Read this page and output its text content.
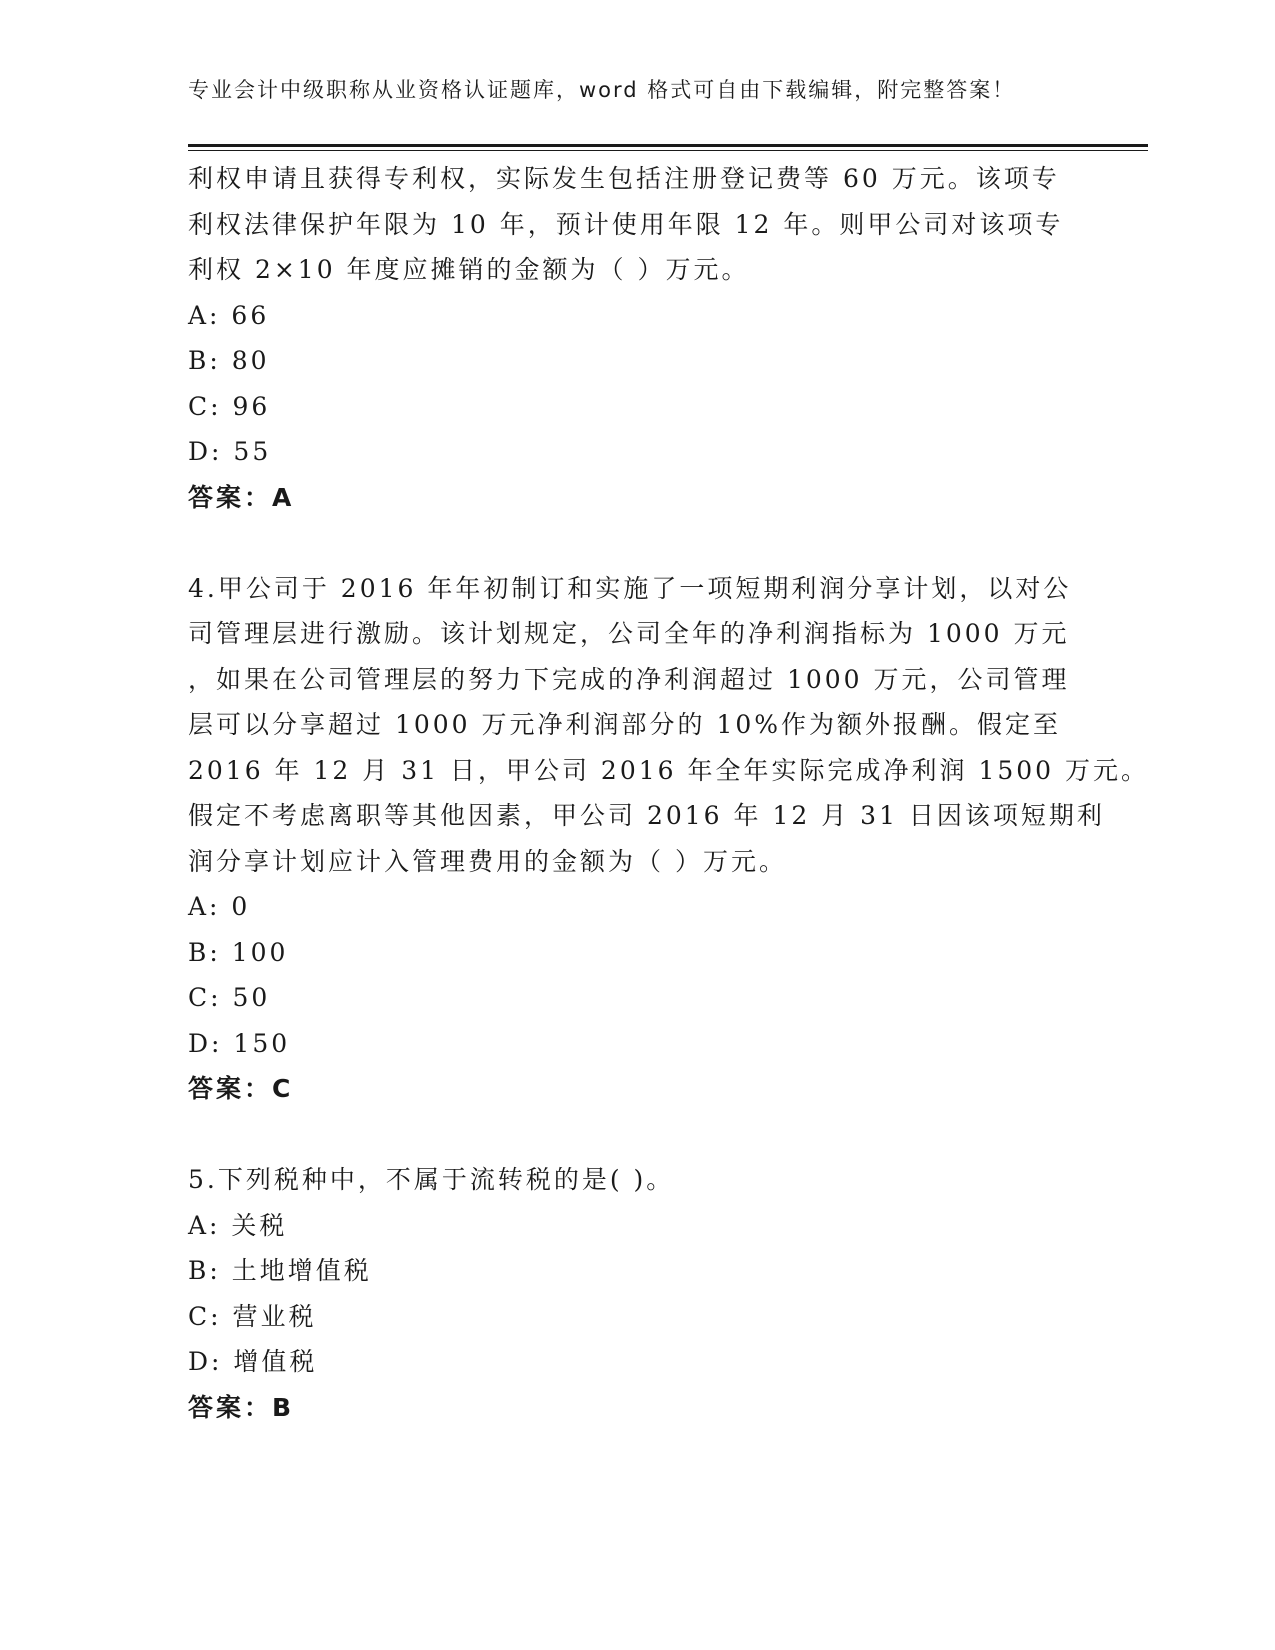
专业会计中级职称从业资格认证题库，word 格式可自由下载编辑，附完整答案！
利权申请且获得专利权，实际发生包括注册登记费等 60 万元。该项专
利权法律保护年限为 10 年，预计使用年限 12 年。则甲公司对该项专
利权 2×10 年度应摊销的金额为（ ）万元。
A: 66
B: 80
C: 96
D: 55
答案：A
4.甲公司于 2016 年年初制订和实施了一项短期利润分享计划，以对公
司管理层进行激励。该计划规定，公司全年的净利润指标为 1000 万元
，如果在公司管理层的努力下完成的净利润超过 1000 万元，公司管理
层可以分享超过 1000 万元净利润部分的 10%作为额外报酬。假定至
2016 年 12 月 31 日，甲公司 2016 年全年实际完成净利润 1500 万元。
假定不考虑离职等其他因素，甲公司 2016 年 12 月 31 日因该项短期利
润分享计划应计入管理费用的金额为（ ）万元。
A: 0
B: 100
C: 50
D: 150
答案：C
5.下列税种中，不属于流转税的是( )。
A: 关税
B: 土地增值税
C: 营业税
D: 增值税
答案：B
